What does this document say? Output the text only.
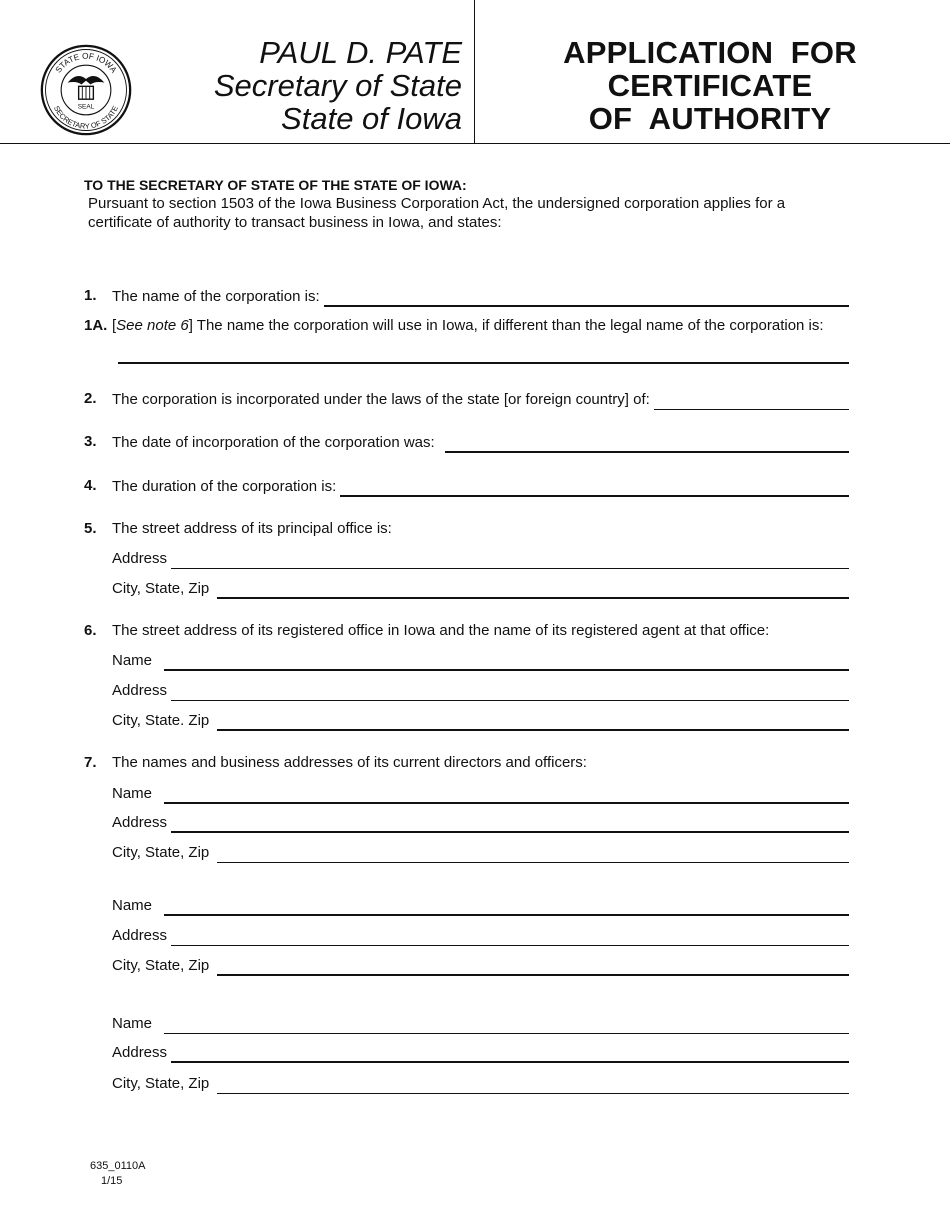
STATE OF IOWA
SECRETARY OF STATE
SEAL
PAUL D. PATE
Secretary of State
State of Iowa
APPLICATION  FOR
CERTIFICATE
OF  AUTHORITY
TO THE SECRETARY OF STATE OF THE STATE OF IOWA:
Pursuant to section 1503 of the Iowa Business Corporation Act, the undersigned corporation applies for a certificate of authority to transact business in Iowa, and states:
1. The name of the corporation is:
1A. [See note 6] The name the corporation will use in Iowa, if different than the legal name of the corporation is:
2. The corporation is incorporated under the laws of the state [or foreign country] of:
3. The date of incorporation of the corporation was:
4. The duration of the corporation is:
5. The street address of its principal office is:
Address
City, State, Zip
6. The street address of its registered office in Iowa and the name of its registered agent at that office:
Name
Address
City, State. Zip
7. The names and business addresses of its current directors and officers:
Name
Address
City, State, Zip
Name
Address
City, State, Zip
Name
Address
City, State, Zip
635_0110A
1/15
